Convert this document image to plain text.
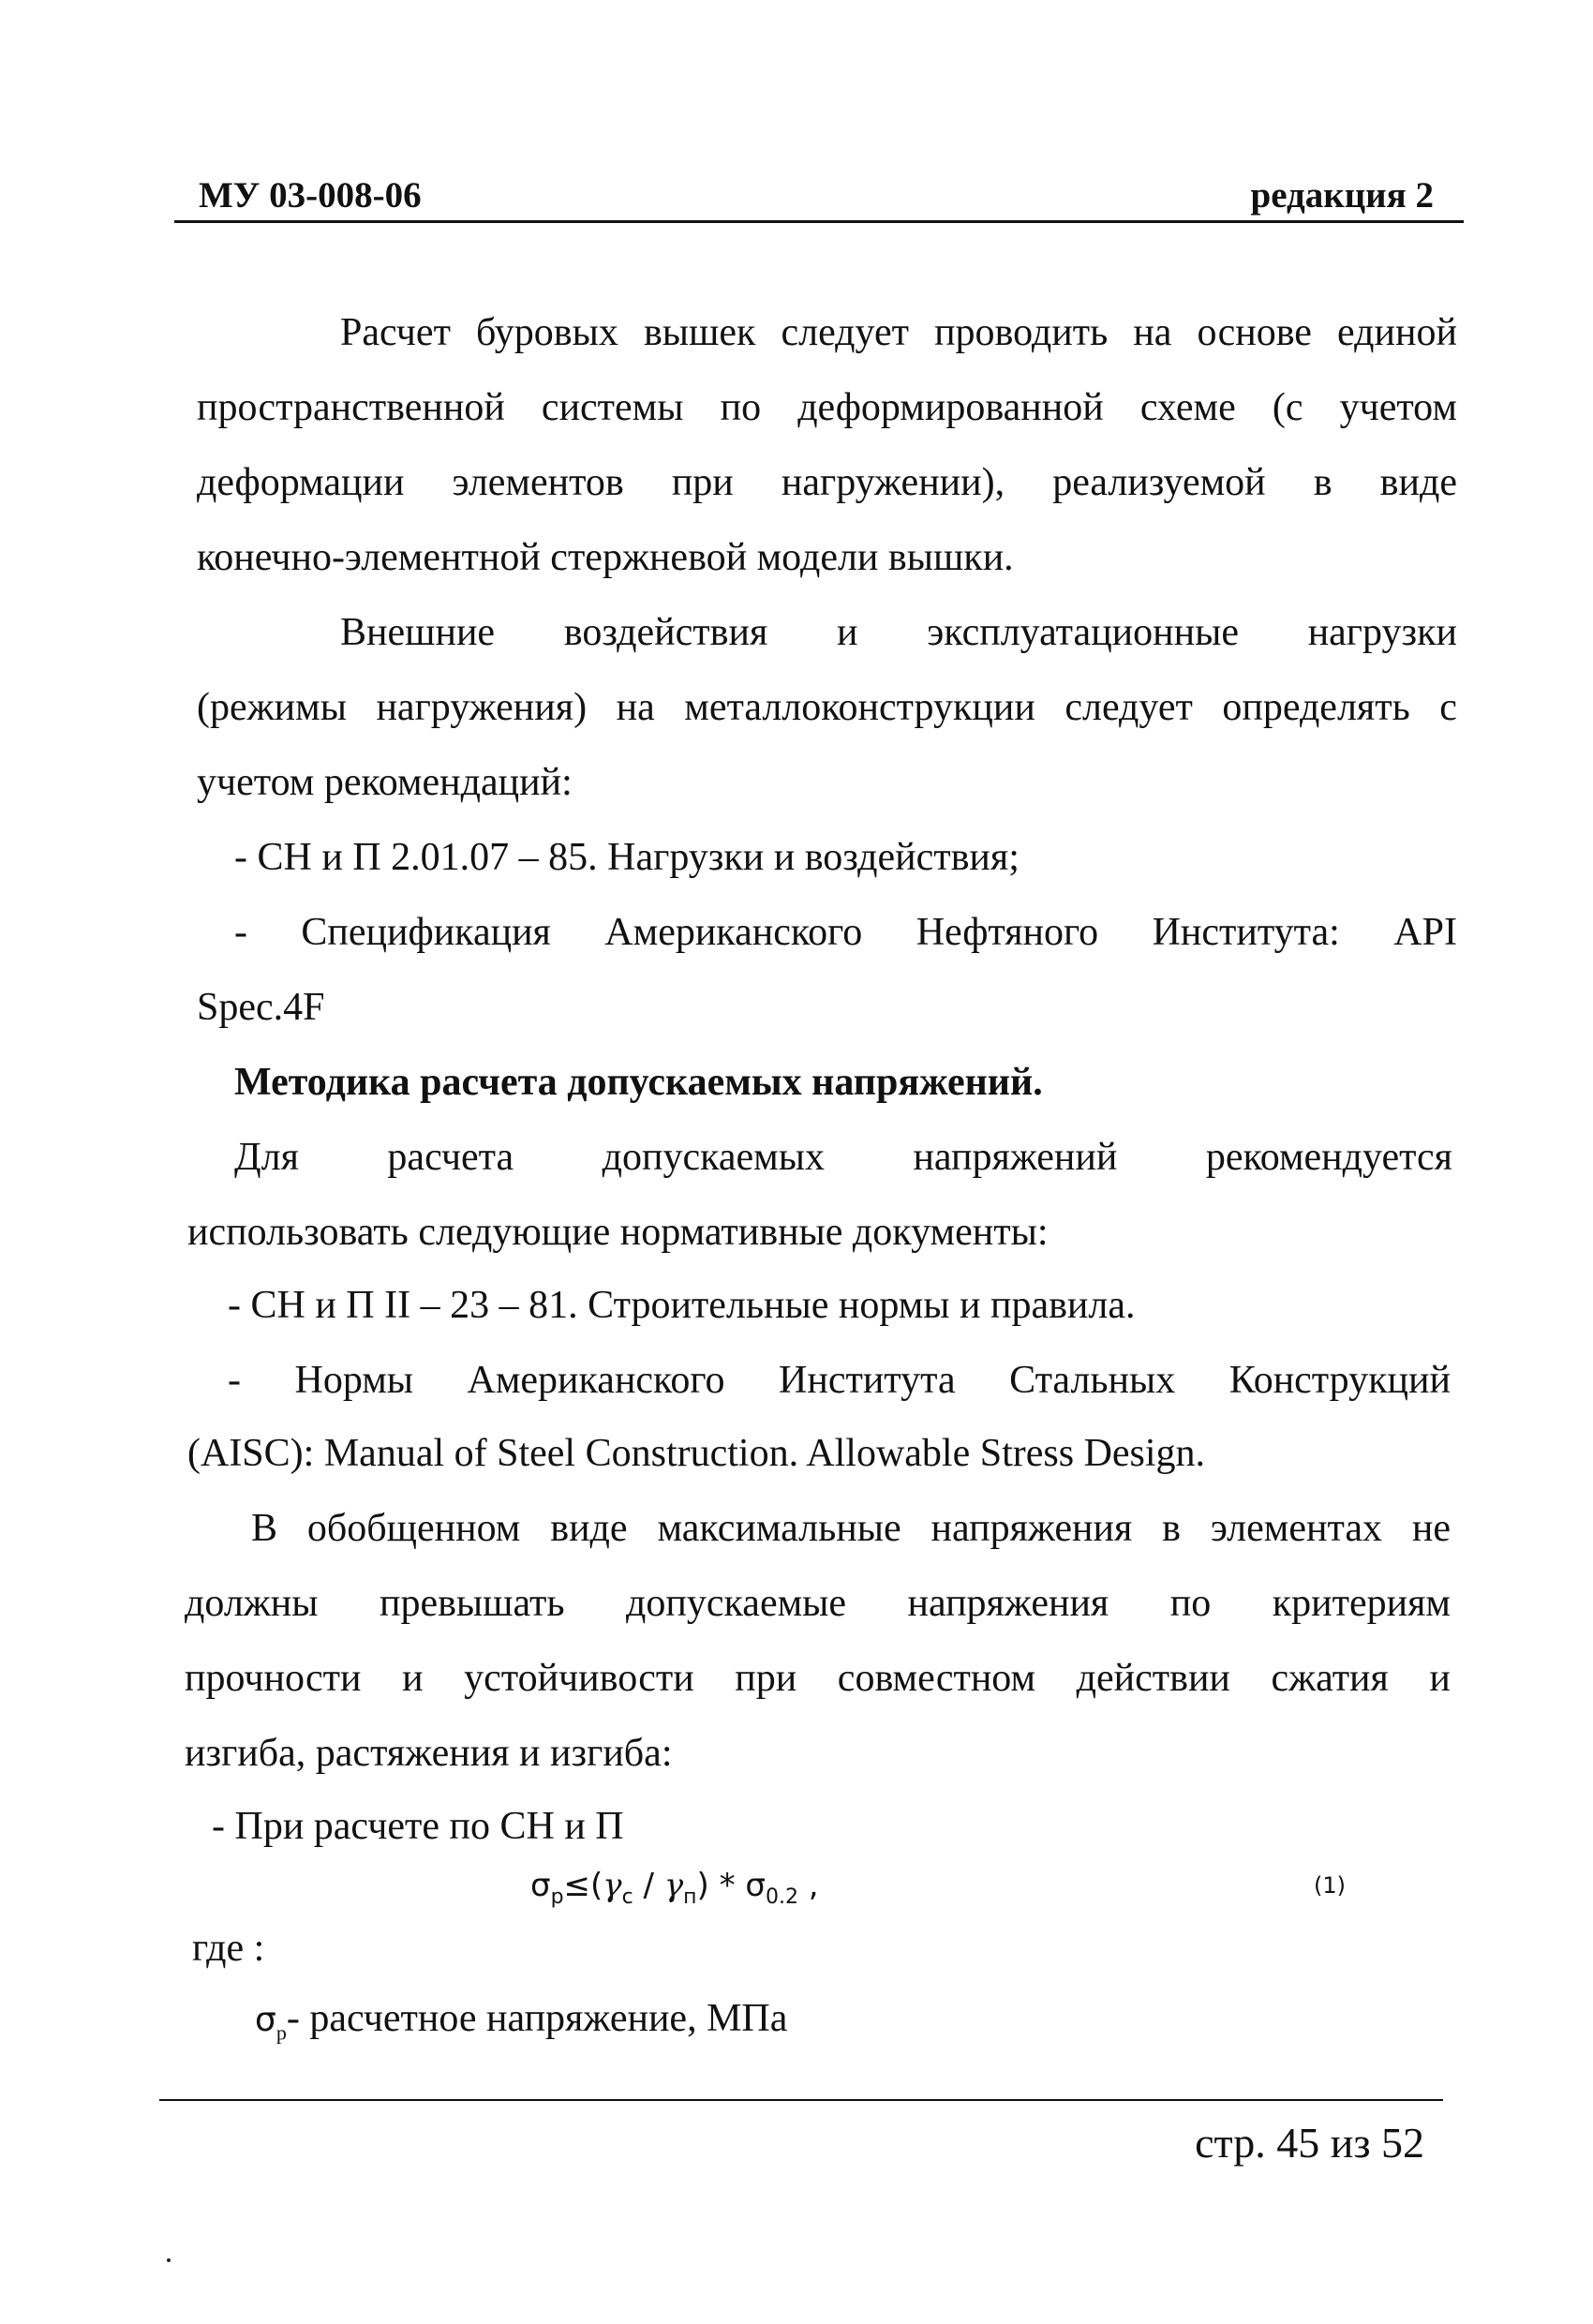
МУ 03-008-06	редакция 2
Расчет буровых вышек следует проводить на основе единой
пространственной системы по деформированной схеме (с учетом
деформации элементов при нагружении), реализуемой в виде
конечно-элементной стержневой модели вышки.
Внешние воздействия и эксплуатационные нагрузки
(режимы нагружения) на металлоконструкции следует определять с
учетом рекомендаций:
- СН и П 2.01.07 – 85. Нагрузки и воздействия;
- Спецификация Американского Нефтяного Института: API
Spec.4F
Методика расчета допускаемых напряжений.
Для расчета допускаемых напряжений рекомендуется
использовать следующие нормативные документы:
- СН и П II – 23 – 81. Строительные нормы и правила.
- Нормы Американского Института Стальных Конструкций
(AISC): Manual of Steel Construction. Allowable Stress Design.
В обобщенном виде максимальные напряжения в элементах не
должны превышать допускаемые напряжения по критериям
прочности и устойчивости при совместном действии сжатия и
изгиба, растяжения и изгиба:
- При расчете по СН и П
$\sigma_p\le(\gamma_c / \gamma_п) * \sigma_{0.2}$ ,	(1)
где :
$\sigma_p-$ расчетное напряжение, МПа
стр. 45 из 52
